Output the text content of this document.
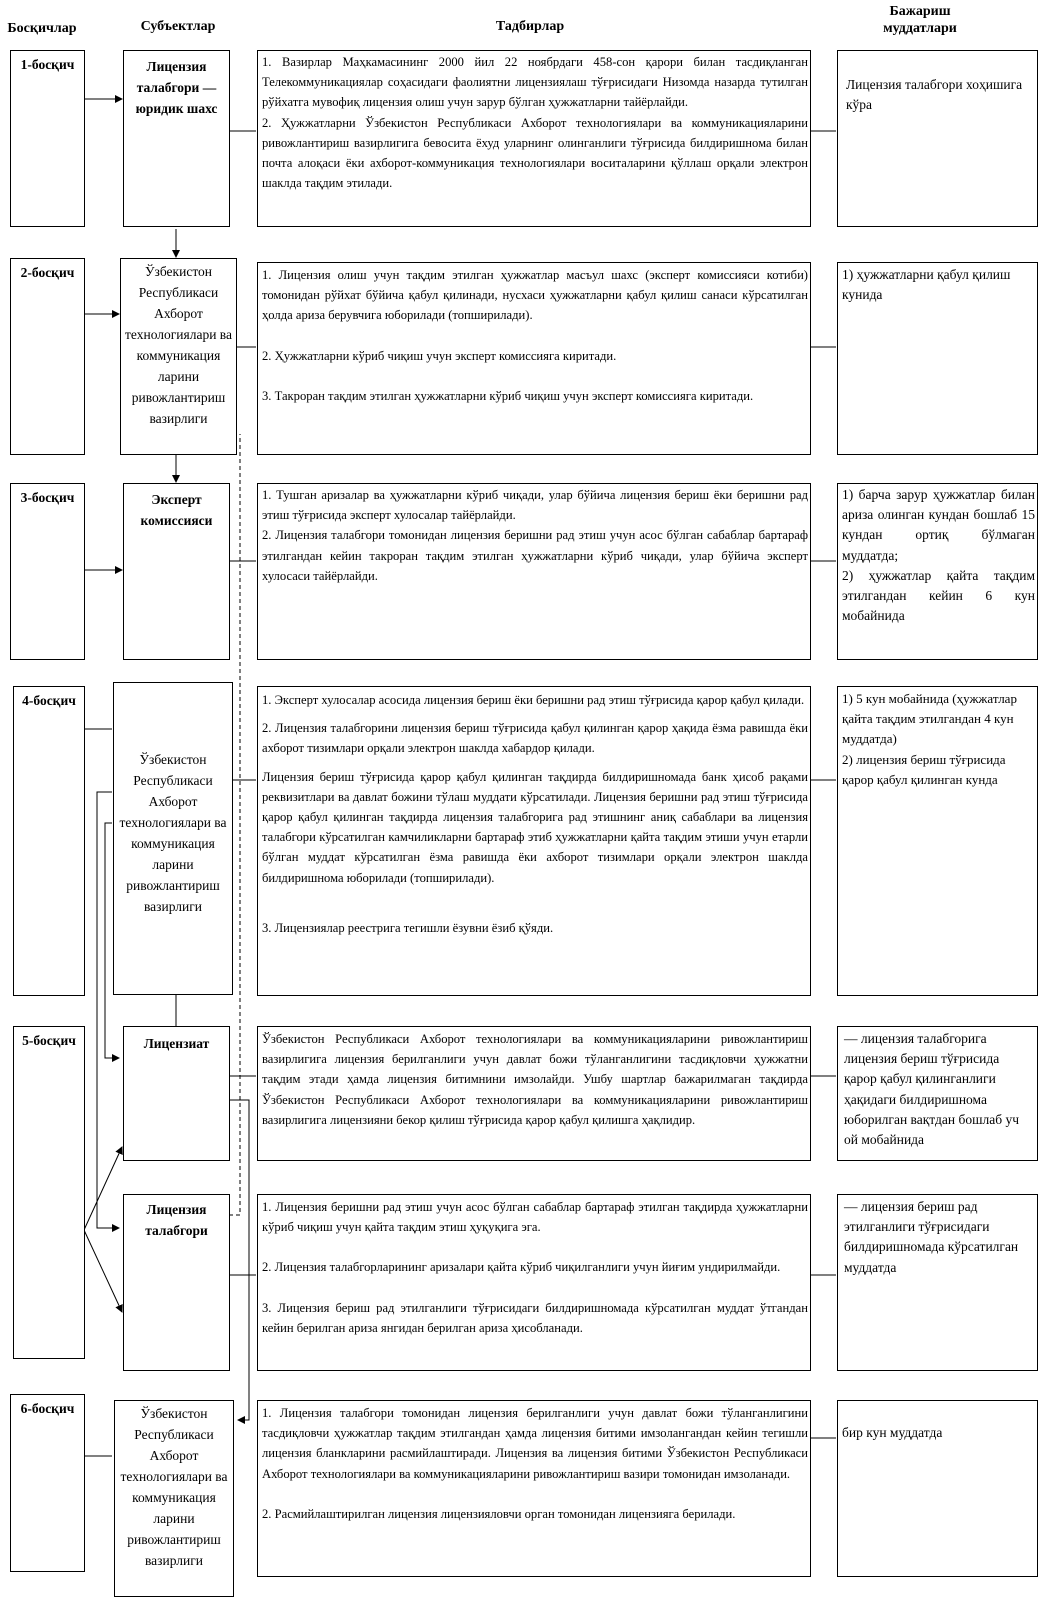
Босқичлар	Субъектлар	Тадбирлар
Бажариш муддатлари
1-босқич
2-босқич
3-босқич
4-босқич
5-босқич
6-босқич
Лицензия талабгори — юридик шахс
Ўзбекистон Республикаси Ахборот технологиялари ва коммуникация ларини ривожлантириш вазирлиги
Эксперт комиссияси
Ўзбекистон Республикаси Ахборот технологиялари ва коммуникация ларини ривожлантириш вазирлиги
Лицензиат
Лицензия талабгори
Ўзбекистон Республикаси Ахборот технологиялари ва коммуникация ларини ривожлантириш вазирлиги

1. Вазирлар Маҳкамасининг 2000 йил 22 ноябрдаги 458-сон қарори билан тасдиқланган Телекоммуникациялар соҳасидаги фаолиятни лицензиялаш тўғрисидаги Низомда назарда тутилган рўйхатга мувофиқ лицензия олиш учун зарур бўлган ҳужжатларни тайёрлайди.

2. Ҳужжатларни Ўзбекистон Республикаси Ахборот технологиялари ва коммуникацияларини ривожлантириш вазирлигига бевосита ёхуд уларнинг олинганлиги тўғрисида билдиришнома билан почта алоқаси ёки ахборот-коммуникация технологиялари воситаларини қўллаш орқали электрон шаклда тақдим этилади.

1. Лицензия олиш учун тақдим этилган ҳужжатлар масъул шахс (эксперт комиссияси котиби) томонидан рўйхат бўйича қабул қилинади, нусхаси ҳужжатларни қабул қилиш санаси кўрсатилган ҳолда ариза берувчига юборилади (топширилади).

2. Ҳужжатларни кўриб чиқиш учун эксперт комиссияга киритади.

3. Такроран тақдим этилган ҳужжатларни кўриб чиқиш учун эксперт комиссияга киритади.

1. Тушган аризалар ва ҳужжатларни кўриб чиқади, улар бўйича лицензия бериш ёки беришни рад этиш тўғрисида эксперт хулосалар тайёрлайди.

2. Лицензия талабгори томонидан лицензия беришни рад этиш учун асос бўлган сабаблар бартараф этилгандан кейин такроран тақдим этилган ҳужжатларни кўриб чиқади, улар бўйича эксперт хулосаси тайёрлайди.

1. Эксперт хулосалар асосида лицензия бериш ёки беришни рад этиш тўғрисида қарор қабул қилади.

2. Лицензия талабгорини лицензия бериш тўғрисида қабул қилинган қарор ҳақида ёзма равишда ёки ахборот тизимлари орқали электрон шаклда хабардор қилади.

Лицензия бериш тўғрисида қарор қабул қилинган тақдирда билдиришномада банк ҳисоб рақами реквизитлари ва давлат божини тўлаш муддати кўрсатилади. Лицензия беришни рад этиш тўғрисида қарор қабул қилинган тақдирда лицензия талабгорига рад этишнинг аниқ сабаблари ва лицензия талабгори кўрсатилган камчиликларни бартараф этиб ҳужжатларни қайта тақдим этиши учун етарли бўлган муддат кўрсатилган ёзма равишда ёки ахборот тизимлари орқали электрон шаклда билдиришнома юборилади (топширилади).

3. Лицензиялар реестрига тегишли ёзувни ёзиб қўяди.

Ўзбекистон Республикаси Ахборот технологиялари ва коммуникацияларини ривожлантириш вазирлигига лицензия берилганлиги учун давлат божи тўланганлигини тасдиқловчи ҳужжатни тақдим этади ҳамда лицензия битимнини имзолайди. Ушбу шартлар бажарилмаган тақдирда Ўзбекистон Республикаси Ахборот технологиялари ва коммуникацияларини ривожлантириш вазирлигига лицензияни бекор қилиш тўғрисида қарор қабул қилишга ҳақлидир.

1. Лицензия беришни рад этиш учун асос бўлган сабаблар бартараф этилган тақдирда ҳужжатларни кўриб чиқиш учун қайта тақдим этиш ҳуқуқига эга.

2. Лицензия талабгорларининг аризалари қайта кўриб чиқилганлиги учун йиғим ундирилмайди.

3. Лицензия бериш рад этилганлиги тўғрисидаги билдиришномада кўрсатилган муддат ўтгандан кейин берилган ариза янгидан берилган ариза ҳисобланади.

1. Лицензия талабгори томонидан лицензия берилганлиги учун давлат божи тўланганлигини тасдиқловчи ҳужжатлар тақдим этилгандан ҳамда лицензия битими имзолангандан кейин тегишли лицензия бланкларини расмийлаштиради. Лицензия ва лицензия битими Ўзбекистон Республикаси Ахборот технологиялари ва коммуникацияларини ривожлантириш вазири томонидан имзоланади.

2. Расмийлаштирилган лицензия лицензияловчи орган томонидан лицензияга берилади.

Лицензия талабгори хоҳишига кўра

1) ҳужжатларни қабул қилиш кунида

1) барча зарур ҳужжатлар билан ариза олинган кундан бошлаб 15 кундан ортиқ бўлмаган муддатда;

2) ҳужжатлар қайта тақдим этилгандан кейин 6 кун мобайнида

1) 5 кун мобайнида (ҳужжатлар қайта тақдим этилгандан 4 кун муддатда)

2) лицензия бериш тўғрисида қарор қабул қилинган кунда

— лицензия талабгорига лицензия бериш тўғрисида қарор қабул қилинганлиги ҳақидаги билдиришнома юборилган вақтдан бошлаб уч ой мобайнида

— лицензия бериш рад этилганлиги тўғрисидаги билдиришномада кўрсатилган муддатда

бир кун муддатда
